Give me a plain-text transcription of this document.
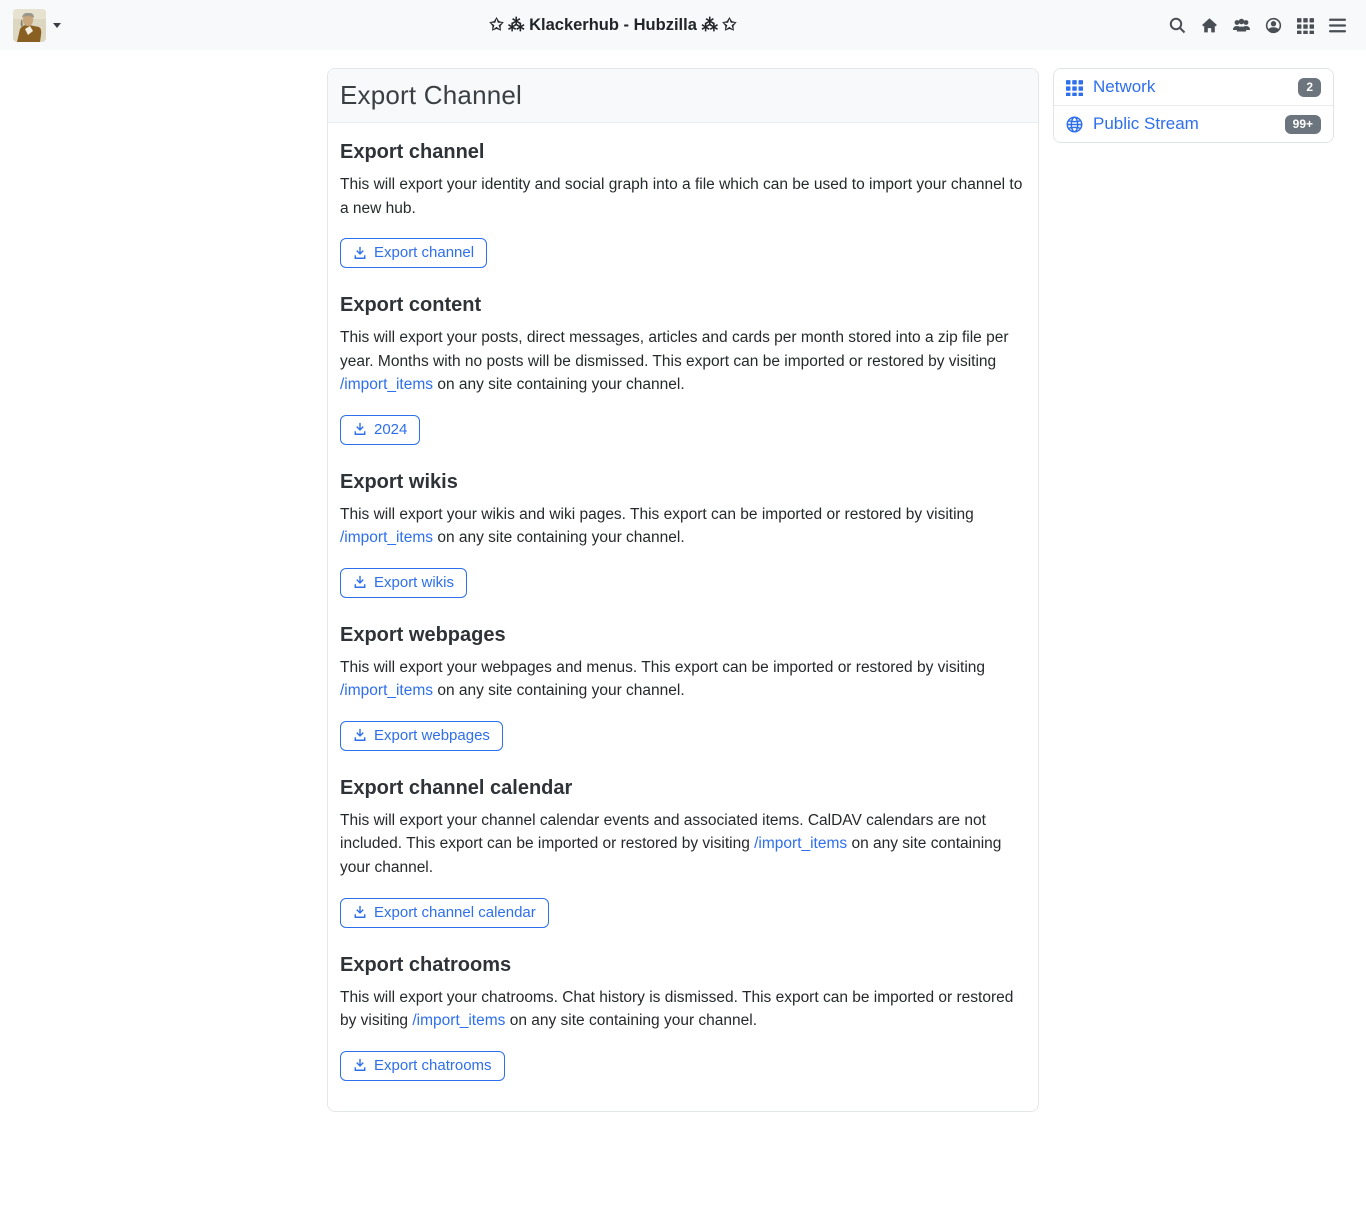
✩ ⁂ Klackerhub - Hubzilla ⁂ ✩
Export Channel
Export channel

This will export your identity and social graph into a file which can be used to import your channel to a new hub.

Export channel
Export content

This will export your posts, direct messages, articles and cards per month stored into a zip file per year. Months with no posts will be dismissed. This export can be imported or restored by visiting /import_items on any site containing your channel.

2024
Export wikis

This will export your wikis and wiki pages. This export can be imported or restored by visiting /import_items on any site containing your channel.

Export wikis
Export webpages

This will export your webpages and menus. This export can be imported or restored by visiting /import_items on any site containing your channel.

Export webpages
Export channel calendar

This will export your channel calendar events and associated items. CalDAV calendars are not included. This export can be imported or restored by visiting /import_items on any site containing your channel.

Export channel calendar
Export chatrooms

This will export your chatrooms. Chat history is dismissed. This export can be imported or restored by visiting /import_items on any site containing your channel.

Export chatrooms
Network	2
Public Stream	99+
